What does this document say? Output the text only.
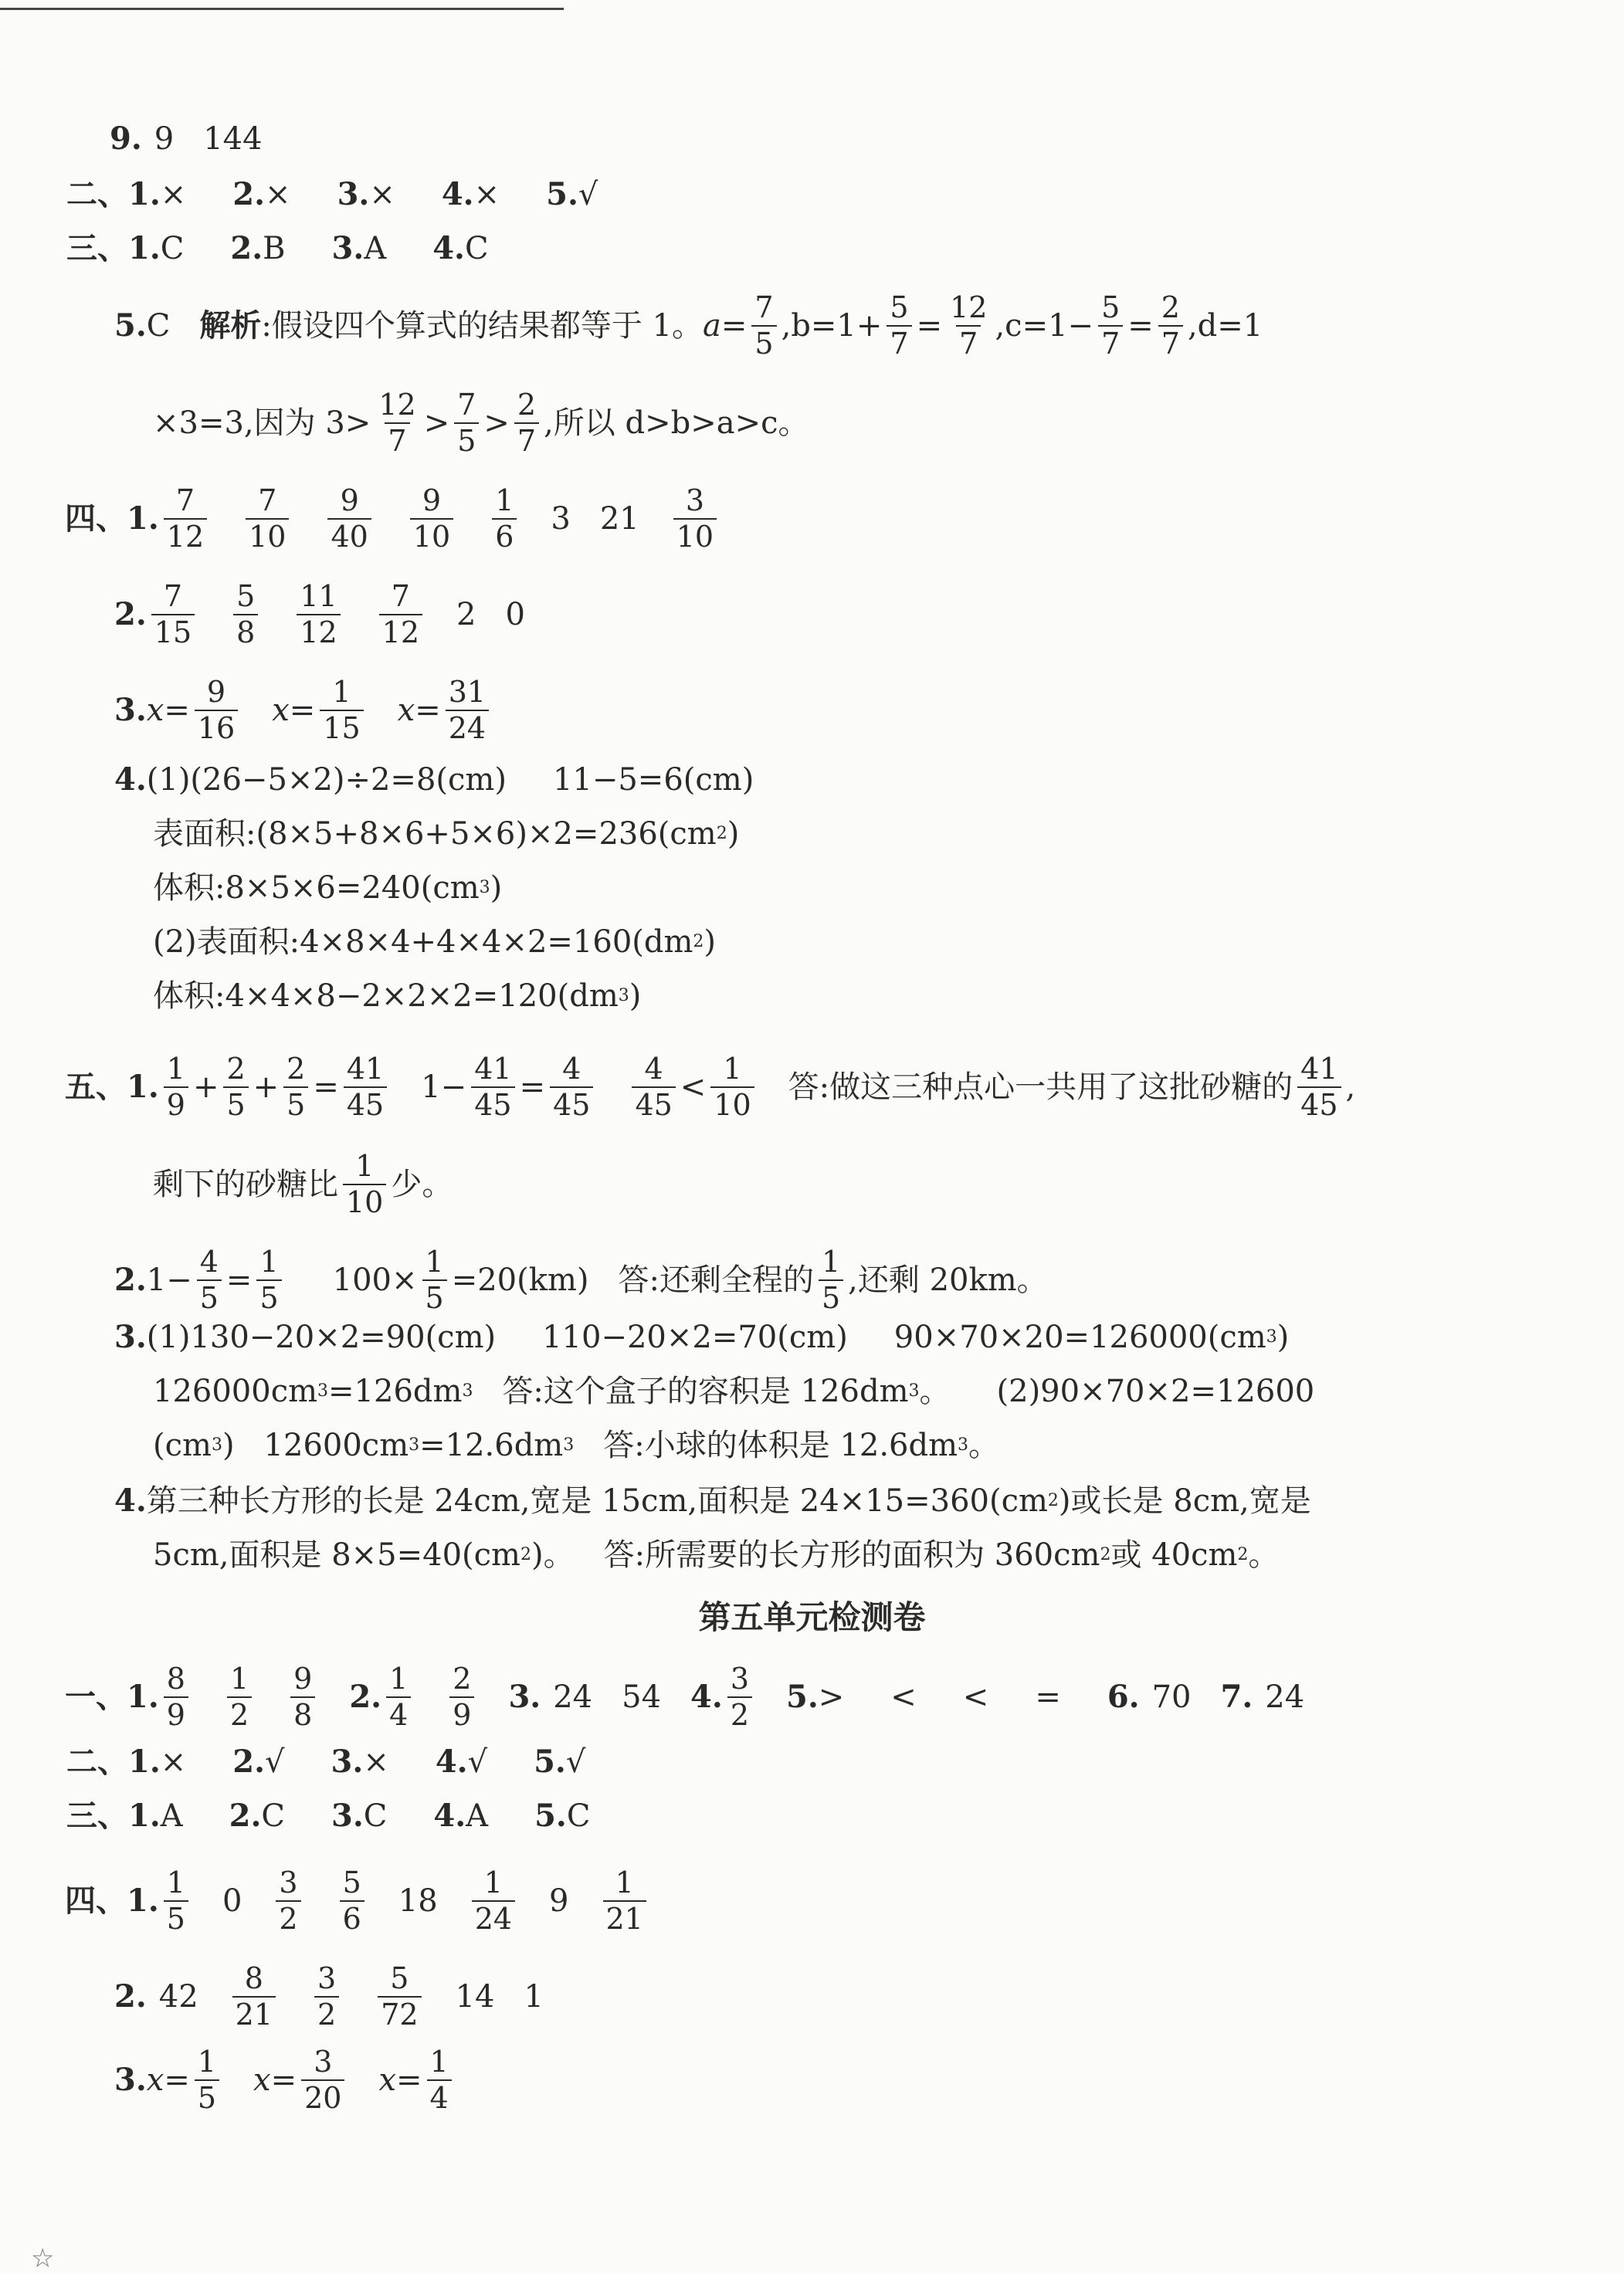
9. 9 144
二、 1. × 2. × 3. × 4. × 5. √
三、 1. C 2. B 3. A 4. C
5. C 解析 :假设四个算式的结果都等于 1。 $a= \frac{7}{5} ,b=1+ \frac{5}{7} = \frac{12}{7} ,c=1- \frac{5}{7} = \frac{2}{7} ,d=1$
×3=3,因为 $3> \frac{12}{7} > \frac{7}{5} > \frac{2}{7}$ ,所以 d>b>a>c。
四、 1. $\frac{7}{12} \frac{7}{10} \frac{9}{40} \frac{9}{10} \frac{1}{6} 3$ $21 \frac{3}{10}$
2. $\frac{7}{15} \frac{5}{8} \frac{11}{12} \frac{7}{12} 2$ 0
3. $x= \frac{9}{16} x= \frac{1}{15} x= \frac{31}{24}$
4. (1)(26−5×2)÷2=8(cm) 11−5=6(cm)
表面积:(8×5+8×6+5×6)×2=236(cm 2 )
体积:8×5×6=240(cm 3 )
(2)表面积:4×8×4+4×4×2=160(dm 2 )
体积:4×4×8−2×2×2=120(dm 3 )
五、 1. $\frac{1}{9} + \frac{2}{5} + \frac{2}{5} = \frac{41}{45} 1- \frac{41}{45} = \frac{4}{45} \frac{4}{45} < \frac{1}{10}$ 答:做这三种点心一共用了这批砂糖的 $\frac{41}{45}$ ,
剩下的砂糖比 $\frac{1}{10}$ 少。
2. $1- \frac{4}{5} = \frac{1}{5} 100\times \frac{1}{5} =20(km)$ 答:还剩全程的 $\frac{1}{5}$ ,还剩 20km。
3. (1)130−20×2=90(cm) 110−20×2=70(cm) 90×70×20=126000(cm 3 )
126000cm 3 =126dm 3 答:这个盒子的容积是 126dm 3 。 (2)90×70×2=12600
(cm 3 ) 12600cm 3 =12.6dm 3 答:小球的体积是 12.6dm 3 。
4. 第三种长方形的长是 24cm,宽是 15cm,面积是 24×15=360(cm 2 )或长是 8cm,宽是
5cm,面积是 8×5=40(cm 2 )。 答:所需要的长方形的面积为 360cm 2 或 40cm 2 。
第五单元检测卷
一、 1. $\frac{8}{9} \frac{1}{2} \frac{9}{8} 2$. $\frac{1}{4} \frac{2}{9} 3$. 24 54 4. $\frac{3}{2} 5$. > < < = 6. 70 7. 24
二、 1. × 2. √ 3. × 4. √ 5. √
三、 1. A 2. C 3. C 4. A 5. C
四、 1. $\frac{1}{5} 0 \frac{3}{2} \frac{5}{6} 18 \frac{1}{24} 9 \frac{1}{21}$
2. $42 \frac{8}{21} \frac{3}{2} \frac{5}{72} 14$ 1
3. $x= \frac{1}{5} x= \frac{3}{20} x= \frac{1}{4}$
☆
